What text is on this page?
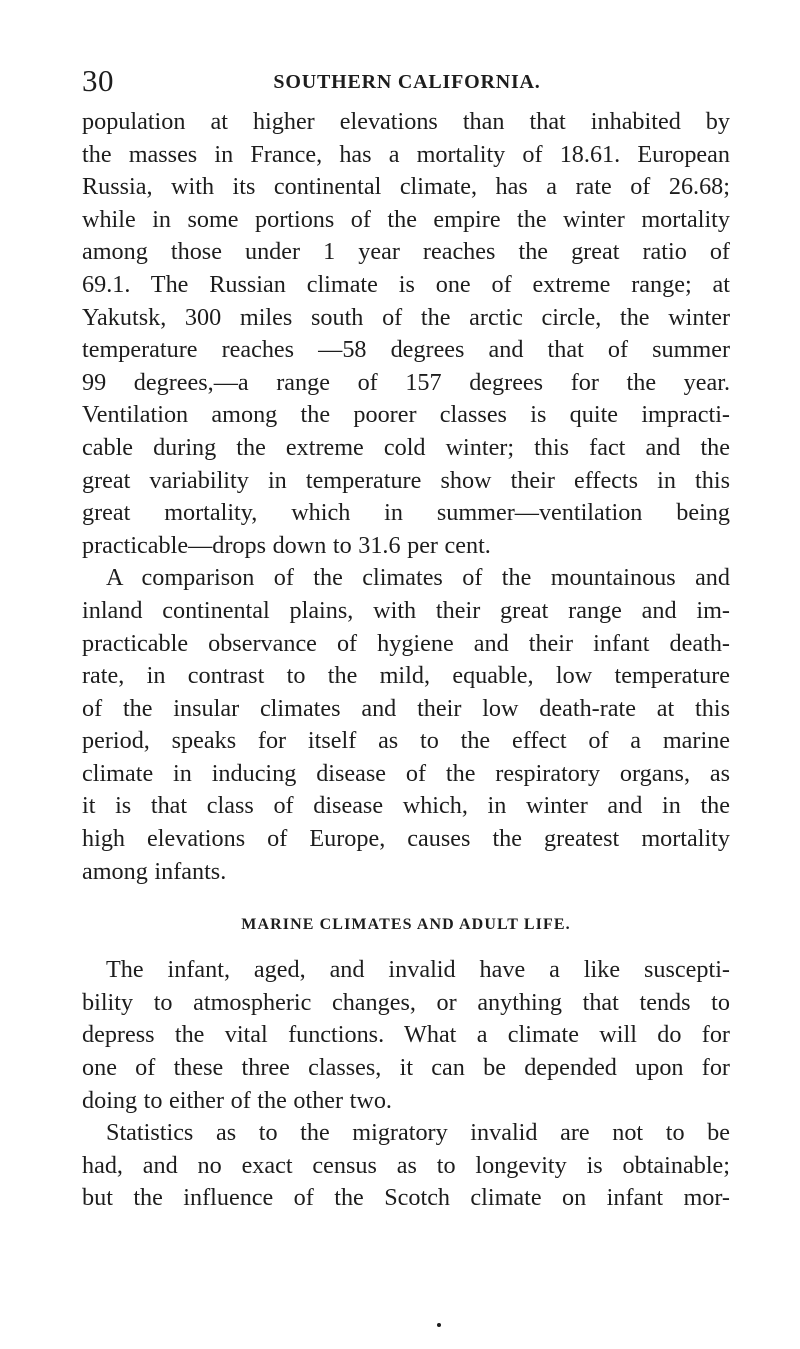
30	SOUTHERN CALIFORNIA.
population at higher elevations than that inhabited by
the masses in France, has a mortality of 18.61. European
Russia, with its continental climate, has a rate of 26.68;
while in some portions of the empire the winter mortality
among those under 1 year reaches the great ratio of
69.1. The Russian climate is one of extreme range; at
Yakutsk, 300 miles south of the arctic circle, the winter
temperature reaches —58 degrees and that of summer
99 degrees,—a range of 157 degrees for the year.
Ventilation among the poorer classes is quite impracti-
cable during the extreme cold winter; this fact and the
great variability in temperature show their effects in this
great mortality, which in summer—ventilation being
practicable—drops down to 31.6 per cent.
A comparison of the climates of the mountainous and
inland continental plains, with their great range and im-
practicable observance of hygiene and their infant death-
rate, in contrast to the mild, equable, low temperature
of the insular climates and their low death-rate at this
period, speaks for itself as to the effect of a marine
climate in inducing disease of the respiratory organs, as
it is that class of disease which, in winter and in the
high elevations of Europe, causes the greatest mortality
among infants.
MARINE CLIMATES AND ADULT LIFE.
The infant, aged, and invalid have a like suscepti-
bility to atmospheric changes, or anything that tends to
depress the vital functions. What a climate will do for
one of these three classes, it can be depended upon for
doing to either of the other two.
Statistics as to the migratory invalid are not to be
had, and no exact census as to longevity is obtainable;
but the influence of the Scotch climate on infant mor-
